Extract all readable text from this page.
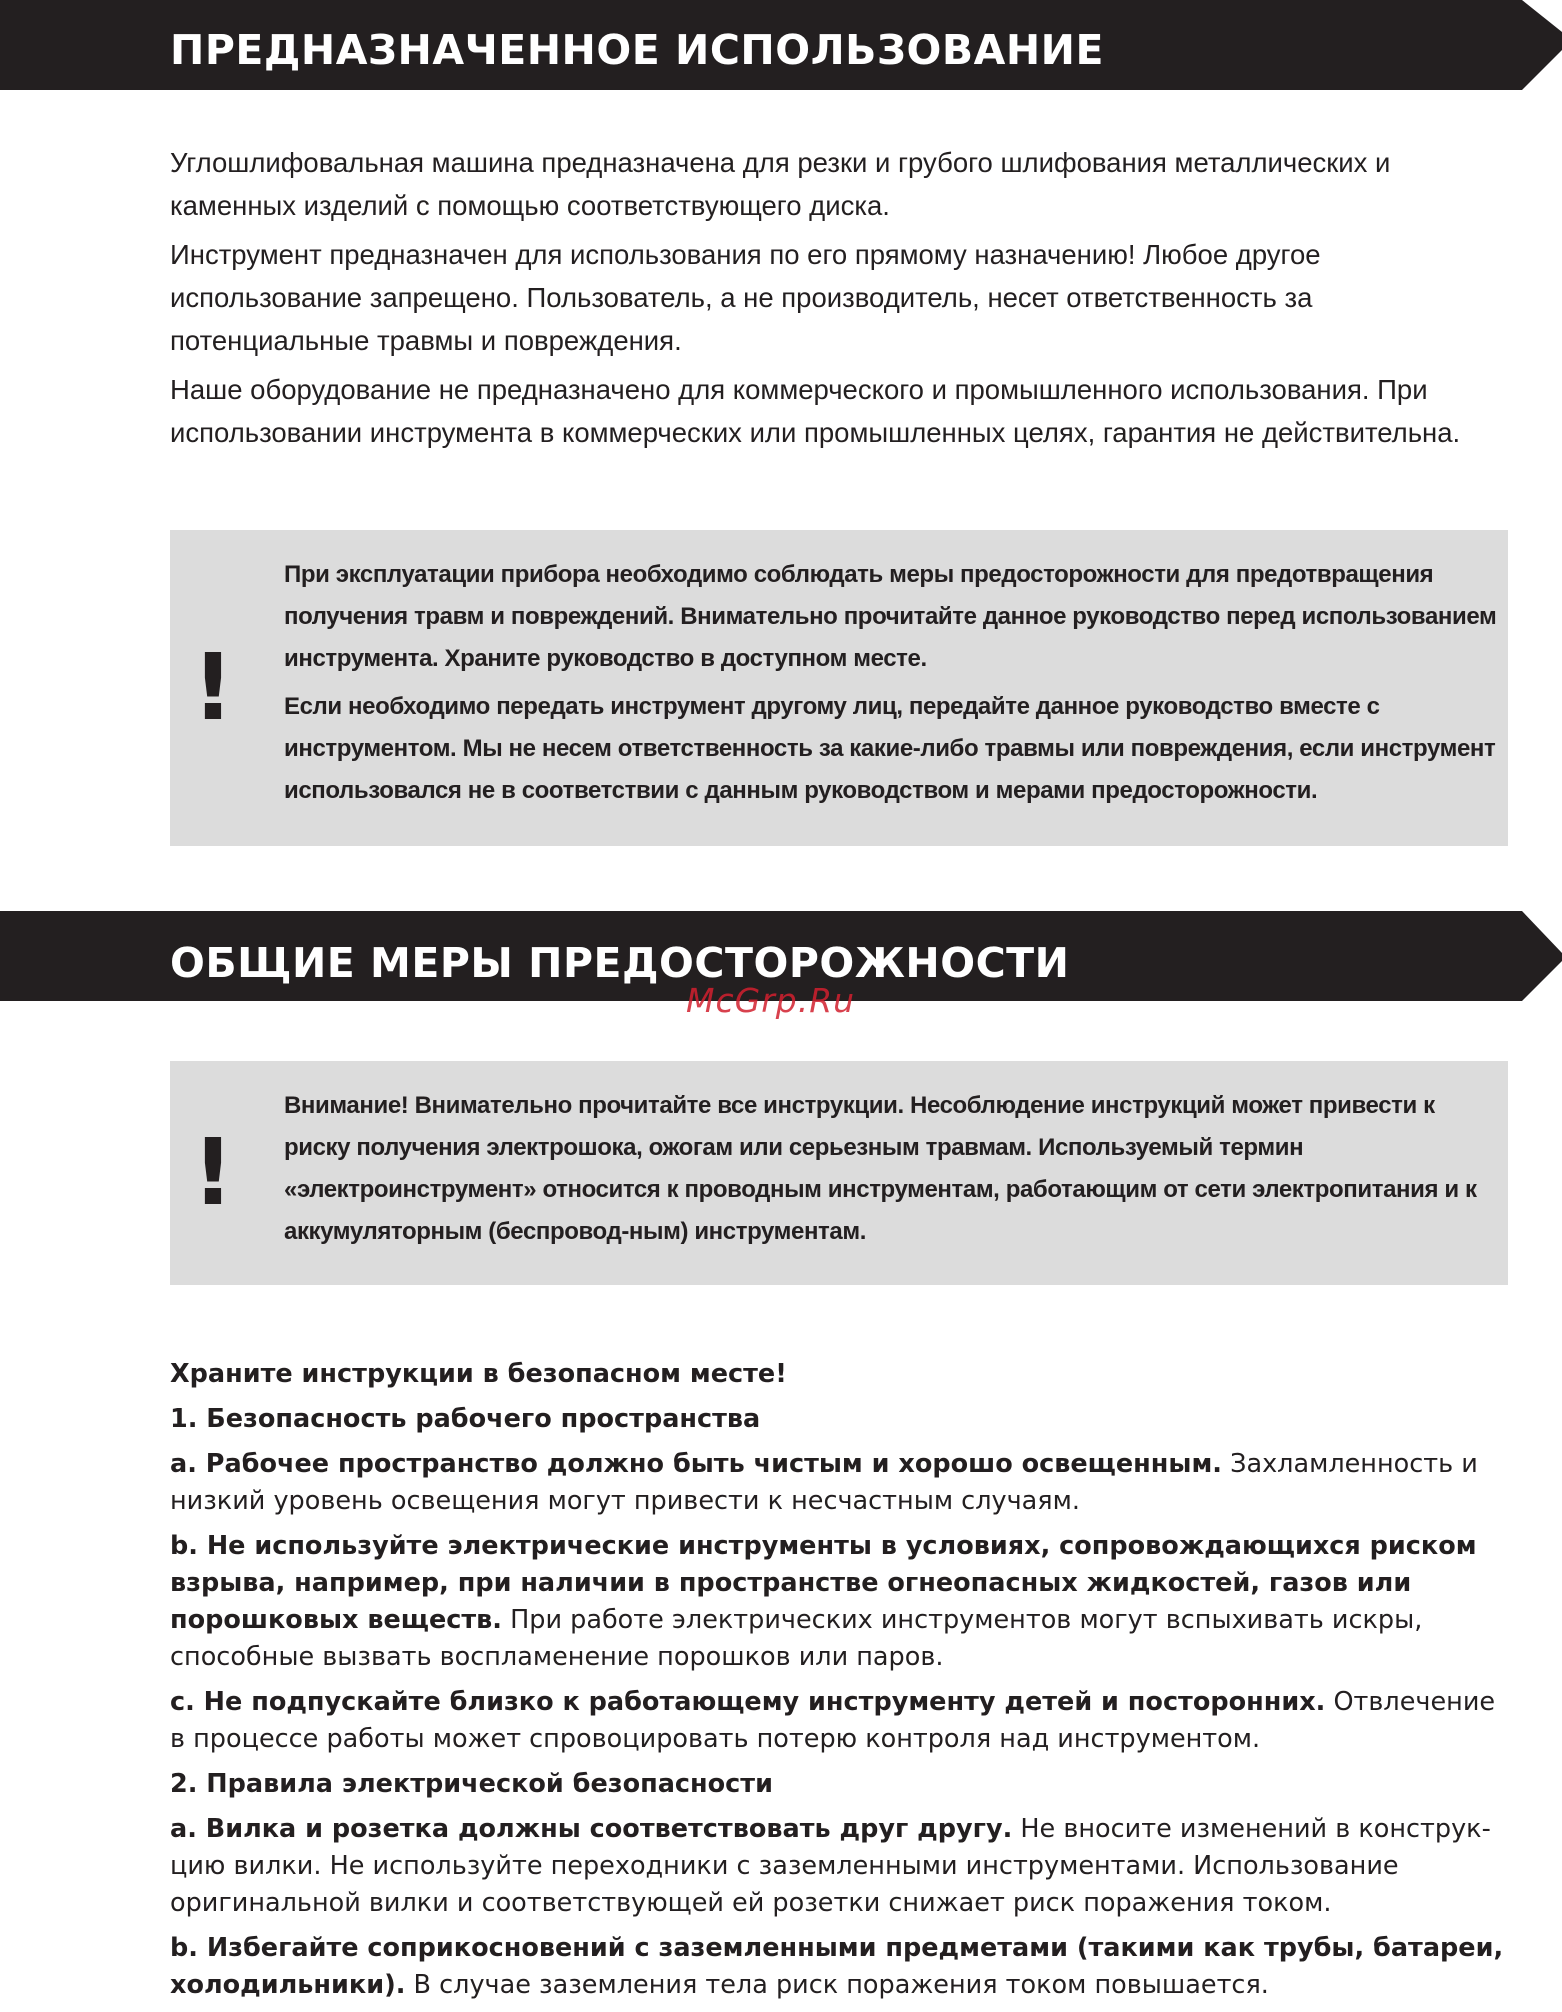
ПРЕДНАЗНАЧЕННОЕ ИСПОЛЬЗОВАНИЕ

Углошлифовальная машина предназначена для резки и грубого шлифования металлических и каменных изделий с помощью соответствующего диска.

Инструмент предназначен для использования по его прямому назначению! Любое другое использование запрещено. Пользователь, а не производитель, несет ответственность за потенциальные травмы и повреждения.

Наше оборудование не предназначено для коммерческого и промышленного использования. При использовании инструмента в коммерческих или промышленных целях, гарантия не действительна.

!

При эксплуатации прибора необходимо соблюдать меры предосторожности для предотвращения получения травм и повреждений. Внимательно прочитайте данное руководство перед использованием инструмента. Храните руководство в доступном месте.

Если необходимо передать инструмент другому лиц, передайте данное руководство вместе с инструментом. Мы не несем ответственность за какие-либо травмы или повреждения, если инструмент использовался не в соответствии с данным руководством и мерами предосторожности.

ОБЩИЕ МЕРЫ ПРЕДОСТОРОЖНОСТИ
McGrp.Ru
!

Внимание! Внимательно прочитайте все инструкции. Несоблюдение инструкций может привести к риску получения электрошока, ожогам или серьезным травмам. Используемый термин «электроинструмент» относится к проводным инструментам, работающим от сети электропитания и к аккумуляторным (беспровод-ным) инструментам.

Храните инструкции в безопасном месте!

1. Безопасность рабочего пространства

a. Рабочее пространство должно быть чистым и хорошо освещенным. Захламленность и низкий уровень освещения могут привести к несчастным случаям.

b. Не используйте электрические инструменты в условиях, сопровождающихся риском взрыва, например, при наличии в пространстве огнеопасных жидкостей, газов или порошковых веществ. При работе электрических инструментов могут вспыхивать искры, способные вызвать воспламенение порошков или паров.

c. Не подпускайте близко к работающему инструменту детей и посторонних. Отвлечение в процессе работы может спровоцировать потерю контроля над инструментом.

2. Правила электрической безопасности

a. Вилка и розетка должны соответствовать друг другу. Не вносите изменений в конструк-цию вилки. Не используйте переходники с заземленными инструментами. Использование оригинальной вилки и соответствующей ей розетки снижает риск поражения током.

b. Избегайте соприкосновений с заземленными предметами (такими как трубы, батареи, холодильники). В случае заземления тела риск поражения током повышается.
